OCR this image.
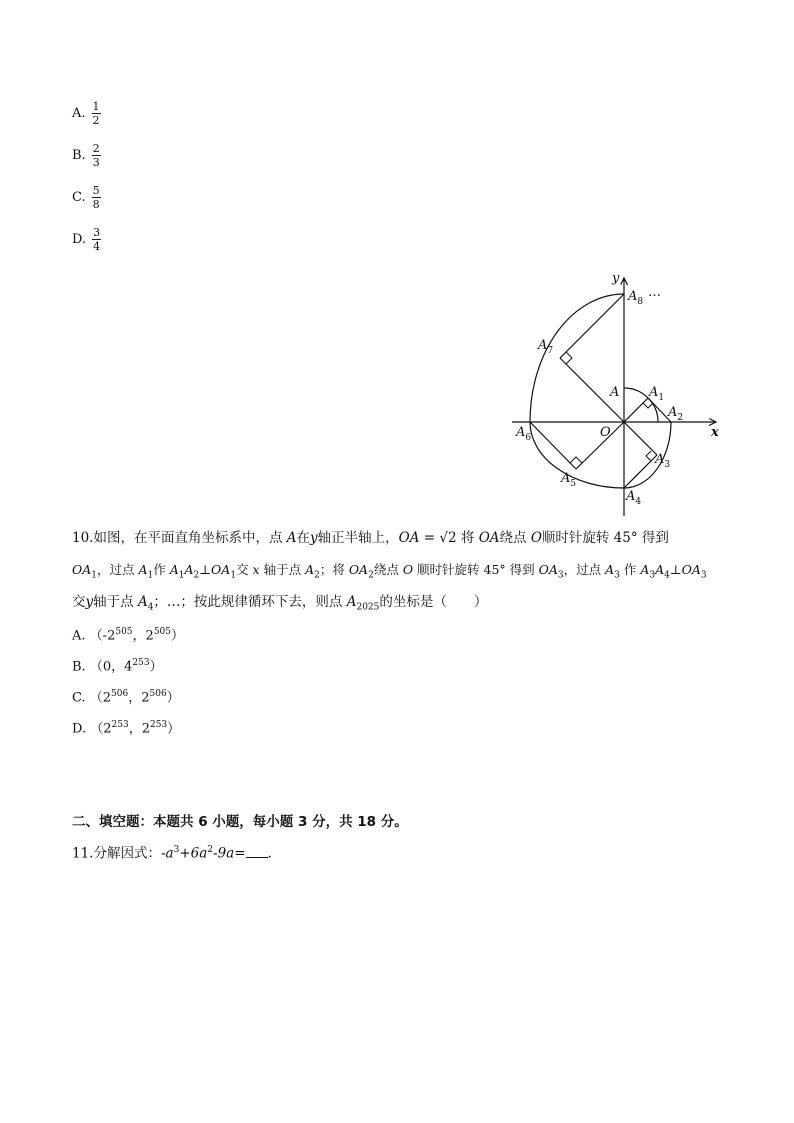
A. $\frac{1}{2}$
B. $\frac{2}{3}$
C. $\frac{5}{8}$
D. $\frac{3}{4}$
y
x
O
A
$A_8$
…
$A_7$
$A_1$
$A_2$
$A_3$
$A_4$
$A_5$
$A_6$
10.如图，在平面直角坐标系中，点 A在y轴正半轴上，OA = √2 将 OA绕点 O顺时针旋转 45° 得到
$OA_1$，过点 $A_1$作 $A_1A_2\perp OA_1$交 x 轴于点 $A_2$；将 $OA_2$绕点 O 顺时针旋转 45° 得到 $OA_3$，过点 $A_3$ 作 $A_3A_4\perp OA_3$
交y轴于点 $A_4$；…；按此规律循环下去，则点 $A_{2025}$的坐标是（　　）
A. （$-2^{505}$，$2^{505}$）
B. （0，$4^{253}$）
C. （$2^{506}$，$2^{506}$）
D. （$2^{253}$，$2^{253}$）
二、填空题：本题共 6 小题，每小题 3 分，共 18 分。
11.分解因式：$-a^3+6a^2-9a=$ .
